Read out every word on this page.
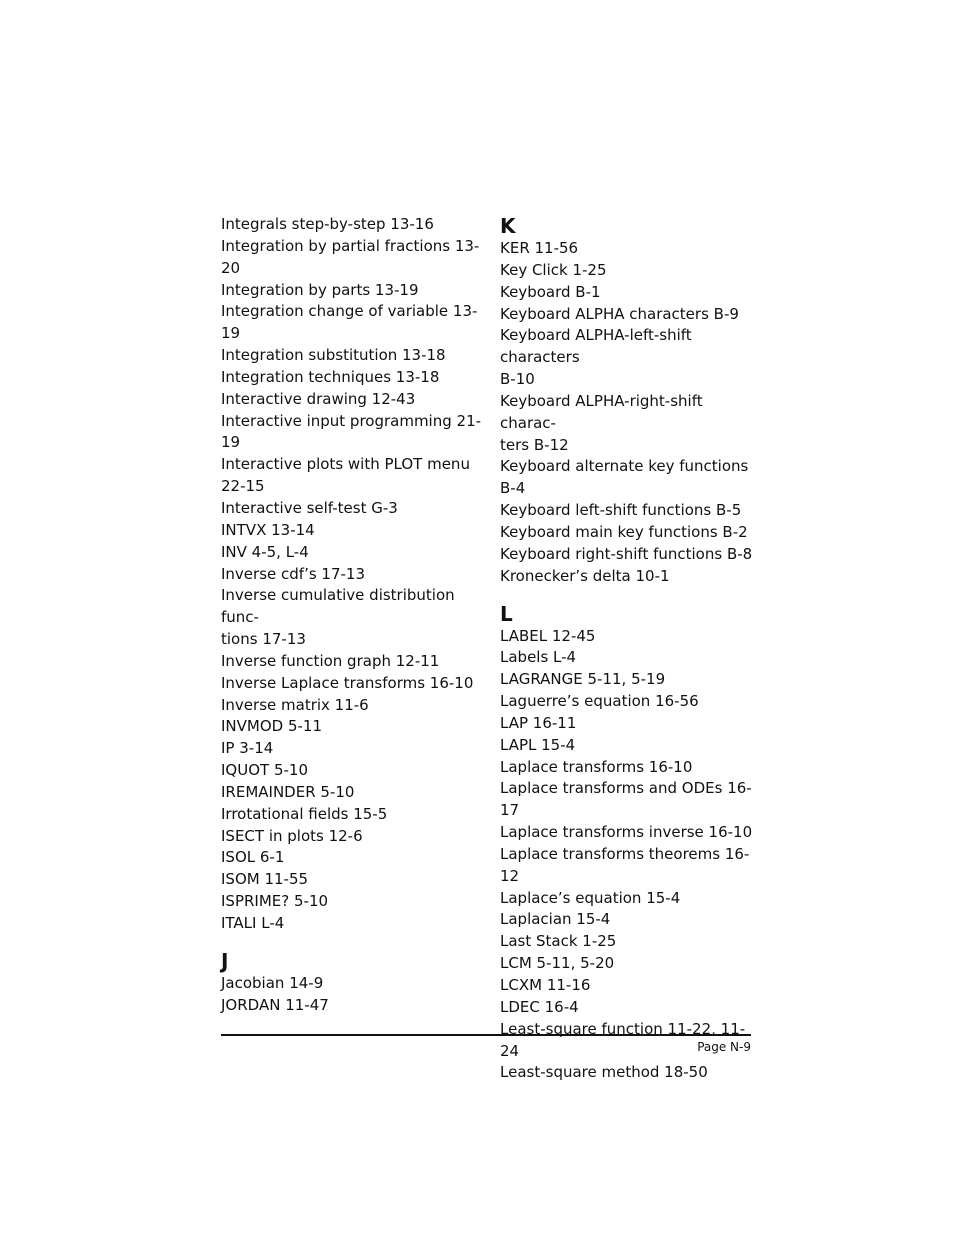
Integrals step-by-step 13-16

Integration by partial fractions 13-20

Integration by parts 13-19

Integration change of variable 13-19

Integration substitution 13-18

Integration techniques 13-18

Interactive drawing 12-43

Interactive input programming 21-19

Interactive plots with PLOT menu
22-15

Interactive self-test G-3

INTVX 13-14

INV 4-5, L-4

Inverse cdf’s 17-13

Inverse cumulative distribution func-
tions 17-13

Inverse function graph 12-11

Inverse Laplace transforms 16-10

Inverse matrix 11-6

INVMOD 5-11

IP 3-14

IQUOT 5-10

IREMAINDER 5-10

Irrotational fields 15-5

ISECT in plots 12-6

ISOL 6-1

ISOM 11-55

ISPRIME? 5-10

ITALI L-4

J

Jacobian 14-9

JORDAN 11-47

K

KER 11-56

Key Click 1-25

Keyboard B-1

Keyboard ALPHA characters B-9

Keyboard ALPHA-left-shift characters
B-10

Keyboard ALPHA-right-shift charac-
ters B-12

Keyboard alternate key functions B-4

Keyboard left-shift functions B-5

Keyboard main key functions B-2

Keyboard right-shift functions B-8

Kronecker’s delta 10-1

L

LABEL 12-45

Labels L-4

LAGRANGE 5-11, 5-19

Laguerre’s equation 16-56

LAP 16-11

LAPL 15-4

Laplace transforms 16-10

Laplace transforms and ODEs 16-17

Laplace transforms inverse 16-10

Laplace transforms theorems 16-12

Laplace’s equation 15-4

Laplacian 15-4

Last Stack 1-25

LCM 5-11, 5-20

LCXM 11-16

LDEC 16-4

Least-square function 11-22, 11-24

Least-square method 18-50

Page N-9
